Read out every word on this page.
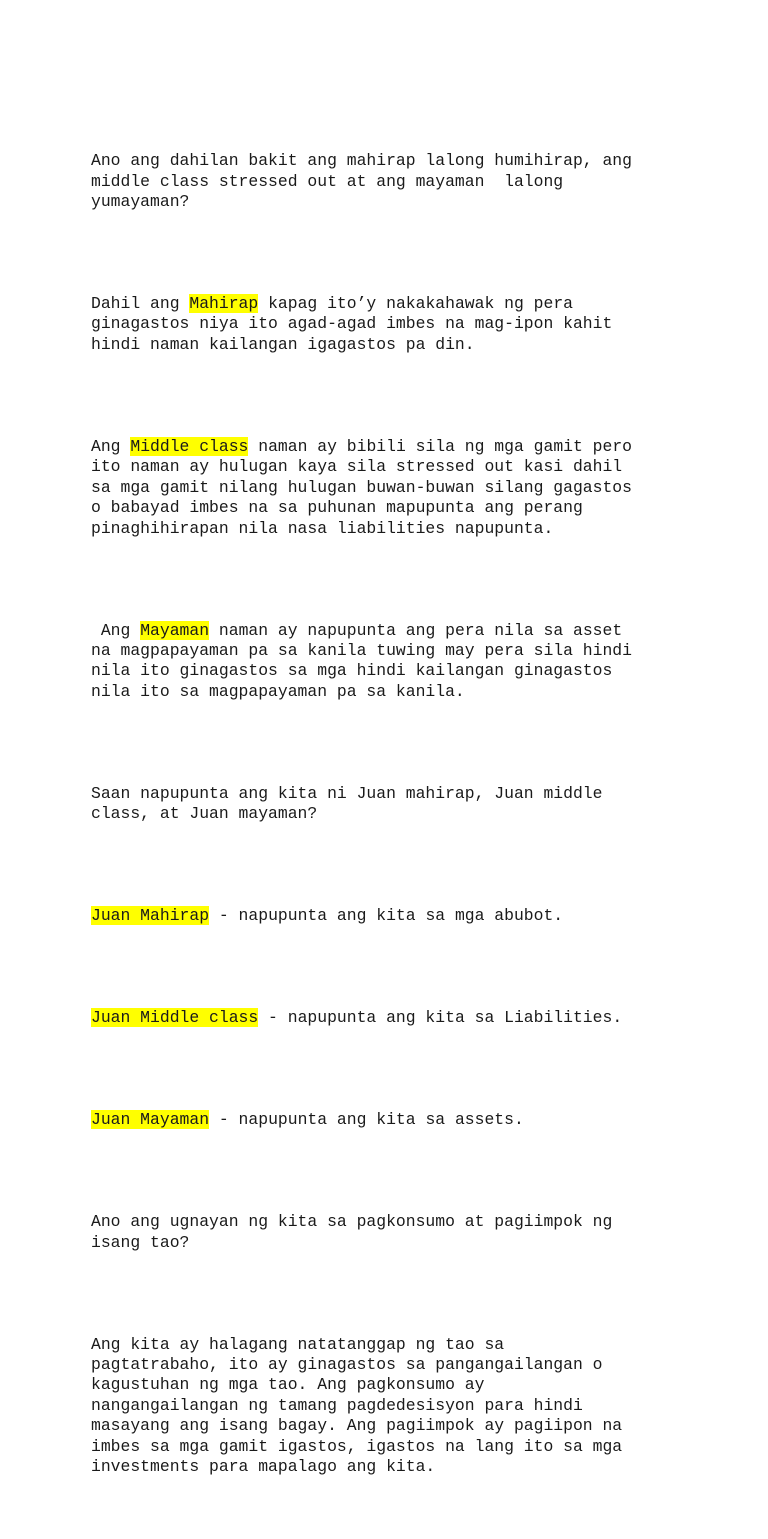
Ano ang dahilan bakit ang mahirap lalong humihirap, ang
middle class stressed out at ang mayaman  lalong
yumayaman?

Dahil ang Mahirap kapag ito’y nakakahawak ng pera
ginagastos niya ito agad-agad imbes na mag-ipon kahit
hindi naman kailangan igagastos pa din.

Ang Middle class naman ay bibili sila ng mga gamit pero
ito naman ay hulugan kaya sila stressed out kasi dahil
sa mga gamit nilang hulugan buwan-buwan silang gagastos
o babayad imbes na sa puhunan mapupunta ang perang
pinaghihirapan nila nasa liabilities napupunta.

Ang Mayaman naman ay napupunta ang pera nila sa asset
na magpapayaman pa sa kanila tuwing may pera sila hindi
nila ito ginagastos sa mga hindi kailangan ginagastos
nila ito sa magpapayaman pa sa kanila.

Saan napupunta ang kita ni Juan mahirap, Juan middle
class, at Juan mayaman?

Juan Mahirap - napupunta ang kita sa mga abubot.

Juan Middle class - napupunta ang kita sa Liabilities.

Juan Mayaman - napupunta ang kita sa assets.

Ano ang ugnayan ng kita sa pagkonsumo at pagiimpok ng
isang tao?

Ang kita ay halagang natatanggap ng tao sa
pagtatrabaho, ito ay ginagastos sa pangangailangan o
kagustuhan ng mga tao. Ang pagkonsumo ay
nangangailangan ng tamang pagdedesisyon para hindi
masayang ang isang bagay. Ang pagiimpok ay pagiipon na
imbes sa mga gamit igastos, igastos na lang ito sa mga
investments para mapalago ang kita.
